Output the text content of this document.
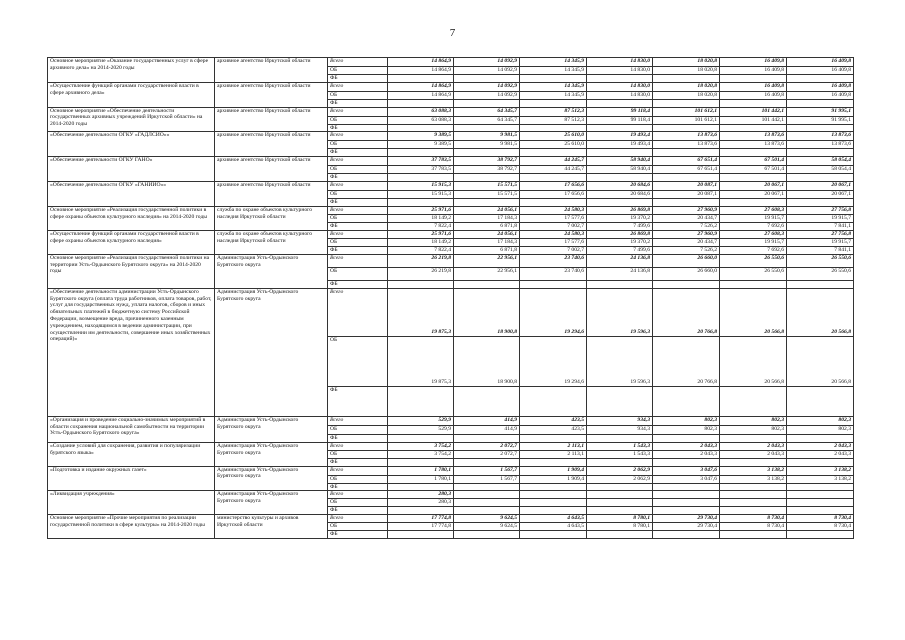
7
Основное мероприятие «Оказание государственных услуг в сфере архивного дела» на 2014-2020 годы	архивное агентство Иркутской области	Всего	14 864,9	14 092,9	14 345,9	14 830,0	18 020,8	16 409,8	16 409,8
		ОБ	14 864,9	14 092,9	14 345,9	14 830,0	18 020,8	16 409,8	16 409,8
		ФБ							
«Осуществление функций органами государственной власти в сфере архивного дела»	архивное агентство Иркутской области	Всего	14 864,9	14 092,9	14 345,9	14 830,0	18 020,8	16 409,8	16 409,8
		ОБ	14 864,9	14 092,9	14 345,9	14 830,0	18 020,8	16 409,8	16 409,8
		ФБ							
Основное мероприятие «Обеспечение деятельности государственных архивных учреждений Иркутской области» на 2014-2020 годы	архивное агентство Иркутской области	Всего	63 088,3	64 345,7	87 512,3	99 118,4	101 612,1	101 442,1	91 995,1
		ОБ	63 088,3	64 345,7	87 512,3	99 118,4	101 612,1	101 442,1	91 995,1
		ФБ							
«Обеспечение деятельности ОГКУ «ГАДЛСИО»»	архивное агентство Иркутской области	Всего	9 389,5	9 981,5	25 610,0	19 493,4	13 873,6	13 873,6	13 873,6
		ОБ	9 389,5	9 981,5	25 610,0	19 493,4	13 873,6	13 873,6	13 873,6
		ФБ							
«Обеспечение деятельности ОГКУ ГАНО»	архивное агентство Иркутской области	Всего	37 783,5	38 792,7	44 245,7	58 940,4	67 651,4	67 501,4	58 054,4
		ОБ	37 783,5	38 792,7	44 245,7	58 940,4	67 651,4	67 501,4	58 054,4
		ФБ							
«Обеспечение деятельности ОГКУ «ГАНИИО»»	архивное агентство Иркутской области	Всего	15 915,3	15 571,5	17 656,6	20 684,6	20 087,1	20 067,1	20 067,1
		ОБ	15 915,3	15 571,5	17 656,6	20 684,6	20 087,1	20 067,1	20 067,1
		ФБ							
Основное мероприятие «Реализация государственной политики в сфере охраны объектов культурного наследия» на 2014-2020 годы	служба по охране объектов культурного наследия Иркутской области	Всего	25 971,6	24 056,1	24 580,3	26 869,8	27 960,9	27 608,3	27 756,8
		ОБ	18 149,2	17 184,3	17 577,6	19 370,2	20 434,7	19 915,7	19 915,7
		ФБ	7 822,4	6 871,8	7 002,7	7 499,6	7 526,2	7 692,6	7 841,1
«Осуществление функций органами государственной власти в сфере охраны объектов культурного наследия»	служба по охране объектов культурного наследия Иркутской области	Всего	25 971,6	24 056,1	24 580,3	26 869,8	27 960,9	27 608,3	27 756,8
		ОБ	18 149,2	17 184,3	17 577,6	19 370,2	20 434,7	19 915,7	19 915,7
		ФБ	7 822,4	6 871,8	7 002,7	7 499,6	7 526,2	7 692,6	7 841,1
Основное мероприятие «Реализация государственной политики на территории Усть-Ордынского Бурятского округа» на 2014-2020 годы	Администрация Усть-Ордынского Бурятского округа	Всего	26 219,8	22 956,1	23 740,6	24 136,8	26 660,0	26 550,6	26 550,6
		ОБ	26 219,8	22 956,1	23 740,6	24 136,8	26 660,0	26 550,6	26 550,6
		ФБ							
«Обеспечение деятельности администрации Усть-Ордынского Бурятского округа (оплата труда работников, оплата товаров, работ, услуг для государственных нужд, уплата налогов, сборов и иных обязательных платежей в бюджетную систему Российской Федерации, возмещение вреда, причиненного казенным учреждением, находящимся в ведении администрации, при осуществлении им деятельности, совершение иных хозяйственных операций)»	Администрация Усть-Ордынского Бурятского округа	Всего	19 875,3	18 900,8	19 294,6	19 596,3	20 766,8	20 566,8	20 566,8
		ОБ	19 875,3	18 900,8	19 294,6	19 596,3	20 766,8	20 566,8	20 566,8
		ФБ							
«Организация и проведение социально-значимых мероприятий в области сохранения национальной самобытности на территории Усть-Ордынского Бурятского округа»	Администрация Усть-Ордынского Бурятского округа	Всего	529,9	414,9	423,5	934,3	802,3	802,3	802,3
		ОБ	529,9	414,9	423,5	934,3	802,3	802,3	802,3
		ФБ							
«Создание условий для сохранения, развития и популяризации бурятского языка»	Администрация Усть-Ордынского Бурятского округа	Всего	3 754,2	2 072,7	2 113,1	1 543,3	2 043,3	2 043,3	2 043,3
		ОБ	3 754,2	2 072,7	2 113,1	1 543,3	2 043,3	2 043,3	2 043,3
		ФБ							
«Подготовка и издание окружных газет»	Администрация Усть-Ордынского Бурятского округа	Всего	1 780,1	1 567,7	1 909,4	2 062,9	3 047,6	3 138,2	3 138,2
		ОБ	1 780,1	1 567,7	1 909,4	2 062,9	3 047,6	3 138,2	3 138,2
		ФБ							
«Ликвидация учреждения»	Администрация Усть-Ордынского Бурятского округа	Всего	280,3						
		ОБ	280,3						
		ФБ							
Основное мероприятие «Прочие мероприятия по реализации государственной политики в сфере культуры» на 2014-2020 годы	министерство культуры и архивов Иркутской области	Всего	17 774,8	9 624,5	4 643,5	8 780,1	29 730,4	8 730,4	8 730,4
		ОБ	17 774,8	9 624,5	4 643,5	8 780,1	29 730,4	8 730,4	8 730,4
		ФБ							
